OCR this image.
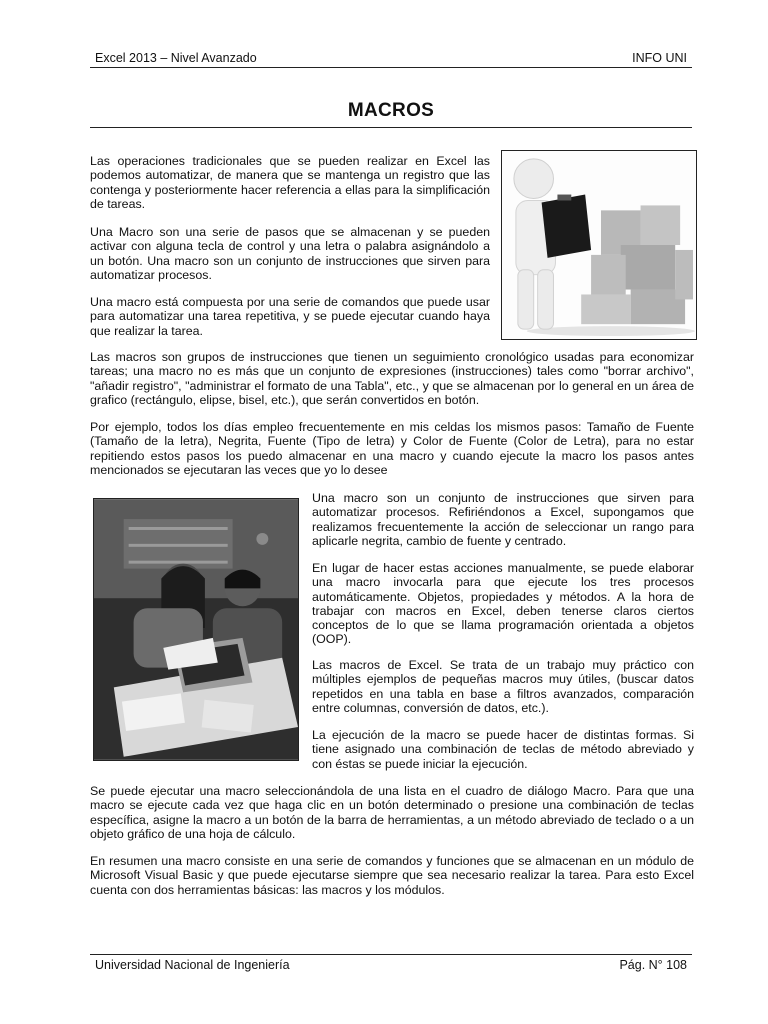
Excel 2013 – Nivel Avanzado	INFO UNI
MACROS

Las operaciones tradicionales que se pueden realizar en Excel las podemos automatizar, de manera que se mantenga un registro que las contenga y posteriormente hacer referencia a ellas para la simplificación de tareas.

Una Macro son una serie de pasos que se almacenan y se pueden activar con alguna tecla de control y una letra o palabra asignándolo a un botón. Una macro son un conjunto de instrucciones que sirven para automatizar procesos.

Una macro está compuesta por una serie de comandos que puede usar para automatizar una tarea repetitiva, y se puede ejecutar cuando haya que realizar la tarea.

Las macros son grupos de instrucciones que tienen un seguimiento cronológico usadas para economizar tareas; una macro no es más que un conjunto de expresiones (instrucciones) tales como "borrar archivo", "añadir registro", "administrar el formato de una Tabla", etc., y que se almacenan por lo general en un área de grafico (rectángulo, elipse, bisel, etc.), que serán convertidos en botón.

Por ejemplo, todos los días empleo frecuentemente en mis celdas los mismos pasos: Tamaño de Fuente (Tamaño de la letra), Negrita, Fuente (Tipo de letra) y Color de Fuente (Color de Letra), para no estar repitiendo estos pasos los puedo almacenar en una macro y cuando ejecute la macro los pasos antes mencionados se ejecutaran las veces que yo lo desee

Una macro son un conjunto de instrucciones que sirven para automatizar procesos. Refiriéndonos a Excel, supongamos que realizamos frecuentemente la acción de seleccionar un rango para aplicarle negrita, cambio de fuente y centrado.

En lugar de hacer estas acciones manualmente, se puede elaborar una macro invocarla para que ejecute los tres procesos automáticamente. Objetos, propiedades y métodos. A la hora de trabajar con macros en Excel, deben tenerse claros ciertos conceptos de lo que se llama programación orientada a objetos (OOP).

Las macros de Excel. Se trata de un trabajo muy práctico con múltiples ejemplos de pequeñas macros muy útiles, (buscar datos repetidos en una tabla en base a filtros avanzados, comparación entre columnas, conversión de datos, etc.).

La ejecución de la macro se puede hacer de distintas formas. Si tiene asignado una combinación de teclas de método abreviado y con éstas se puede iniciar la ejecución.

Se puede ejecutar una macro seleccionándola de una lista en el cuadro de diálogo Macro. Para que una macro se ejecute cada vez que haga clic en un botón determinado o presione una combinación de teclas específica, asigne la macro a un botón de la barra de herramientas, a un método abreviado de teclado o a un objeto gráfico de una hoja de cálculo.

En resumen una macro consiste en una serie de comandos y funciones que se almacenan en un módulo de Microsoft Visual Basic y que puede ejecutarse siempre que sea necesario realizar la tarea. Para esto Excel cuenta con dos herramientas básicas: las macros y los módulos.

Universidad Nacional de Ingeniería	Pág. N° 108
